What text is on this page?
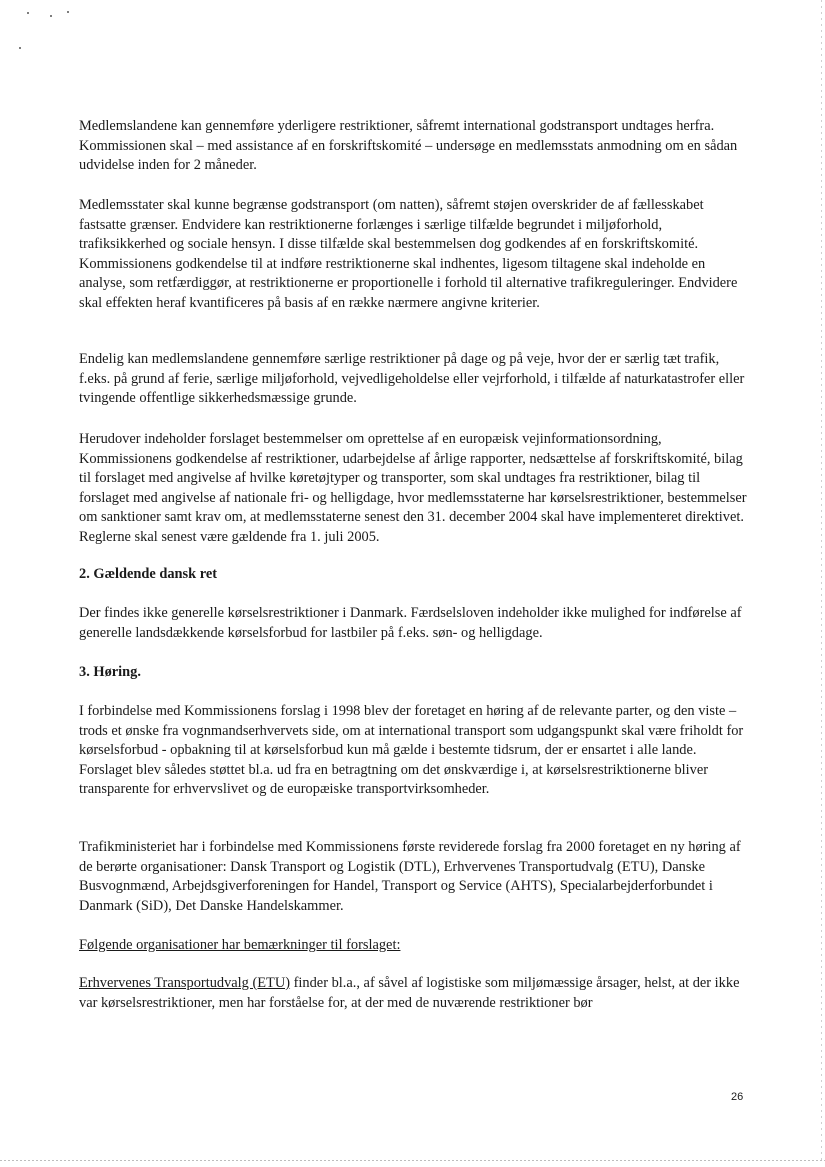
Medlemslandene kan gennemføre yderligere restriktioner, såfremt international godstransport undtages herfra. Kommissionen skal – med assistance af en forskriftskomité – undersøge en medlemsstats anmodning om en sådan udvidelse inden for 2 måneder.

Medlemsstater skal kunne begrænse godstransport (om natten), såfremt støjen overskrider de af fællesskabet fastsatte grænser. Endvidere kan restriktionerne forlænges i særlige tilfælde begrundet i miljøforhold, trafiksikkerhed og sociale hensyn. I disse tilfælde skal bestemmelsen dog godkendes af en forskriftskomité. Kommissionens godkendelse til at indføre restriktionerne skal indhentes, ligesom tiltagene skal indeholde en analyse, som retfærdiggør, at restriktionerne er proportionelle i forhold til alternative trafikreguleringer. Endvidere skal effekten heraf kvantificeres på basis af en række nærmere angivne kriterier.

Endelig kan medlemslandene gennemføre særlige restriktioner på dage og på veje, hvor der er særlig tæt trafik, f.eks. på grund af ferie, særlige miljøforhold, vejvedligeholdelse eller vejrforhold, i tilfælde af naturkatastrofer eller tvingende offentlige sikkerhedsmæssige grunde.

Herudover indeholder forslaget bestemmelser om oprettelse af en europæisk vejinformationsordning, Kommissionens godkendelse af restriktioner, udarbejdelse af årlige rapporter, nedsættelse af forskriftskomité, bilag til forslaget med angivelse af hvilke køretøjtyper og transporter, som skal undtages fra restriktioner, bilag til forslaget med angivelse af nationale fri- og helligdage, hvor medlemsstaterne har kørselsrestriktioner, bestemmelser om sanktioner samt krav om, at medlemsstaterne senest den 31. december 2004 skal have implementeret direktivet. Reglerne skal senest være gældende fra 1. juli 2005.

2. Gældende dansk ret

Der findes ikke generelle kørselsrestriktioner i Danmark. Færdselsloven indeholder ikke mulighed for indførelse af generelle landsdækkende kørselsforbud for lastbiler på f.eks. søn- og helligdage.

3. Høring.

I forbindelse med Kommissionens forslag i 1998 blev der foretaget en høring af de relevante parter, og den viste – trods et ønske fra vognmandserhvervets side, om at international transport som udgangspunkt skal være friholdt for kørselsforbud - opbakning til at kørselsforbud kun må gælde i bestemte tidsrum, der er ensartet i alle lande. Forslaget blev således støttet bl.a. ud fra en betragtning om det ønskværdige i, at kørselsrestriktionerne bliver transparente for erhvervslivet og de europæiske transportvirksomheder.

Trafikministeriet har i forbindelse med Kommissionens første reviderede forslag fra 2000 foretaget en ny høring af de berørte organisationer: Dansk Transport og Logistik (DTL), Erhvervenes Transportudvalg (ETU), Danske Busvognmænd, Arbejdsgiverforeningen for Handel, Transport og Service (AHTS), Specialarbejderforbundet i Danmark (SiD), Det Danske Handelskammer.

Følgende organisationer har bemærkninger til forslaget:

Erhvervenes Transportudvalg (ETU) finder bl.a., af såvel af logistiske som miljømæssige årsager, helst, at der ikke var kørselsrestriktioner, men har forståelse for, at der med de nuværende restriktioner bør

26
